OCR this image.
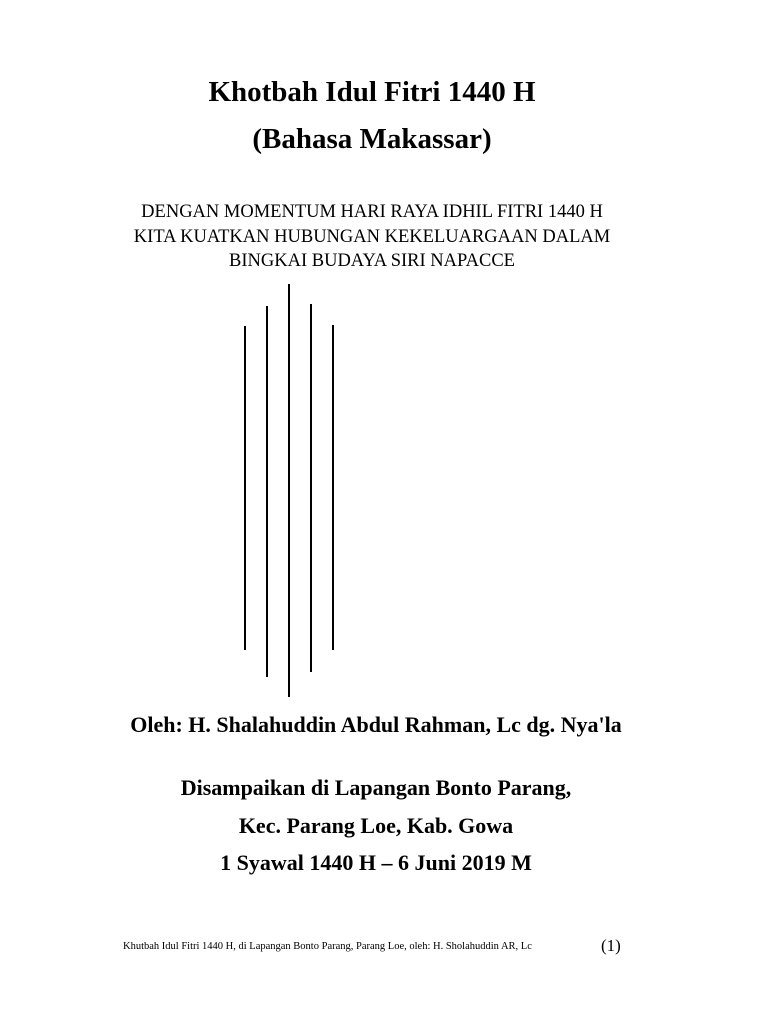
Khotbah Idul Fitri 1440 H
(Bahasa Makassar)
DENGAN MOMENTUM HARI RAYA IDHIL FITRI 1440 H
KITA KUATKAN HUBUNGAN KEKELUARGAAN DALAM
BINGKAI BUDAYA SIRI NAPACCE
Oleh: H. Shalahuddin Abdul Rahman, Lc dg. Nya'la
Disampaikan di Lapangan Bonto Parang,
Kec. Parang Loe, Kab. Gowa
1 Syawal 1440 H – 6 Juni 2019 M
Khutbah Idul Fitri 1440 H, di Lapangan Bonto Parang, Parang Loe, oleh: H. Sholahuddin AR, Lc	(1)
